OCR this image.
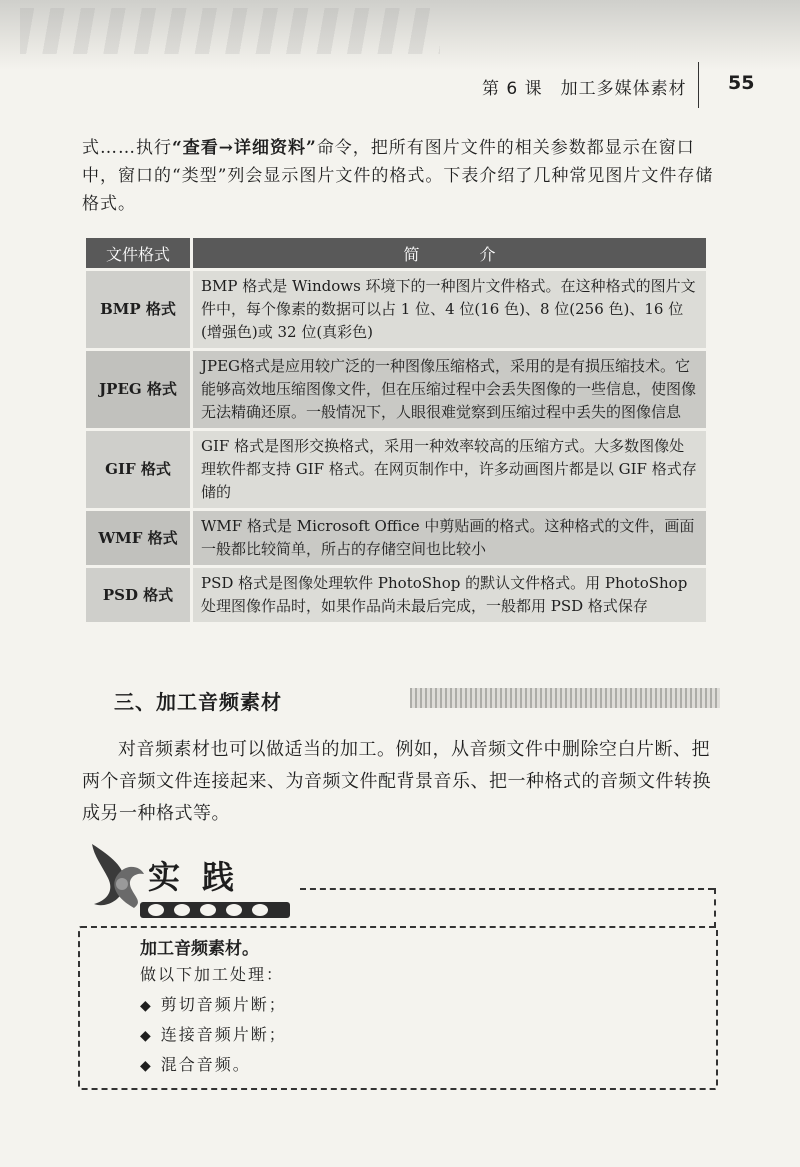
第 6 课　加工多媒体素材 55
式……执行“查看→详细资料”命令，把所有图片文件的相关参数都显示在窗口中，窗口的“类型”列会显示图片文件的格式。下表介绍了几种常见图片文件存储格式。
文件格式	简介
BMP 格式	BMP 格式是 Windows 环境下的一种图片文件格式。在这种格式的图片文件中，每个像素的数据可以占 1 位、4 位(16 色)、8 位(256 色)、16 位(增强色)或 32 位(真彩色)
JPEG 格式	JPEG格式是应用较广泛的一种图像压缩格式，采用的是有损压缩技术。它能够高效地压缩图像文件，但在压缩过程中会丢失图像的一些信息，使图像无法精确还原。一般情况下，人眼很难觉察到压缩过程中丢失的图像信息
GIF 格式	GIF 格式是图形交换格式，采用一种效率较高的压缩方式。大多数图像处理软件都支持 GIF 格式。在网页制作中，许多动画图片都是以 GIF 格式存储的
WMF 格式	WMF 格式是 Microsoft Office 中剪贴画的格式。这种格式的文件，画面一般都比较简单，所占的存储空间也比较小
PSD 格式	PSD 格式是图像处理软件 PhotoShop 的默认文件格式。用 PhotoShop 处理图像作品时，如果作品尚未最后完成，一般都用 PSD 格式保存
三、加工音频素材
对音频素材也可以做适当的加工。例如，从音频文件中删除空白片断、把两个音频文件连接起来、为音频文件配背景音乐、把一种格式的音频文件转换成另一种格式等。
实践
加工音频素材。
做以下加工处理：
◆ 剪切音频片断；
◆ 连接音频片断；
◆ 混合音频。
